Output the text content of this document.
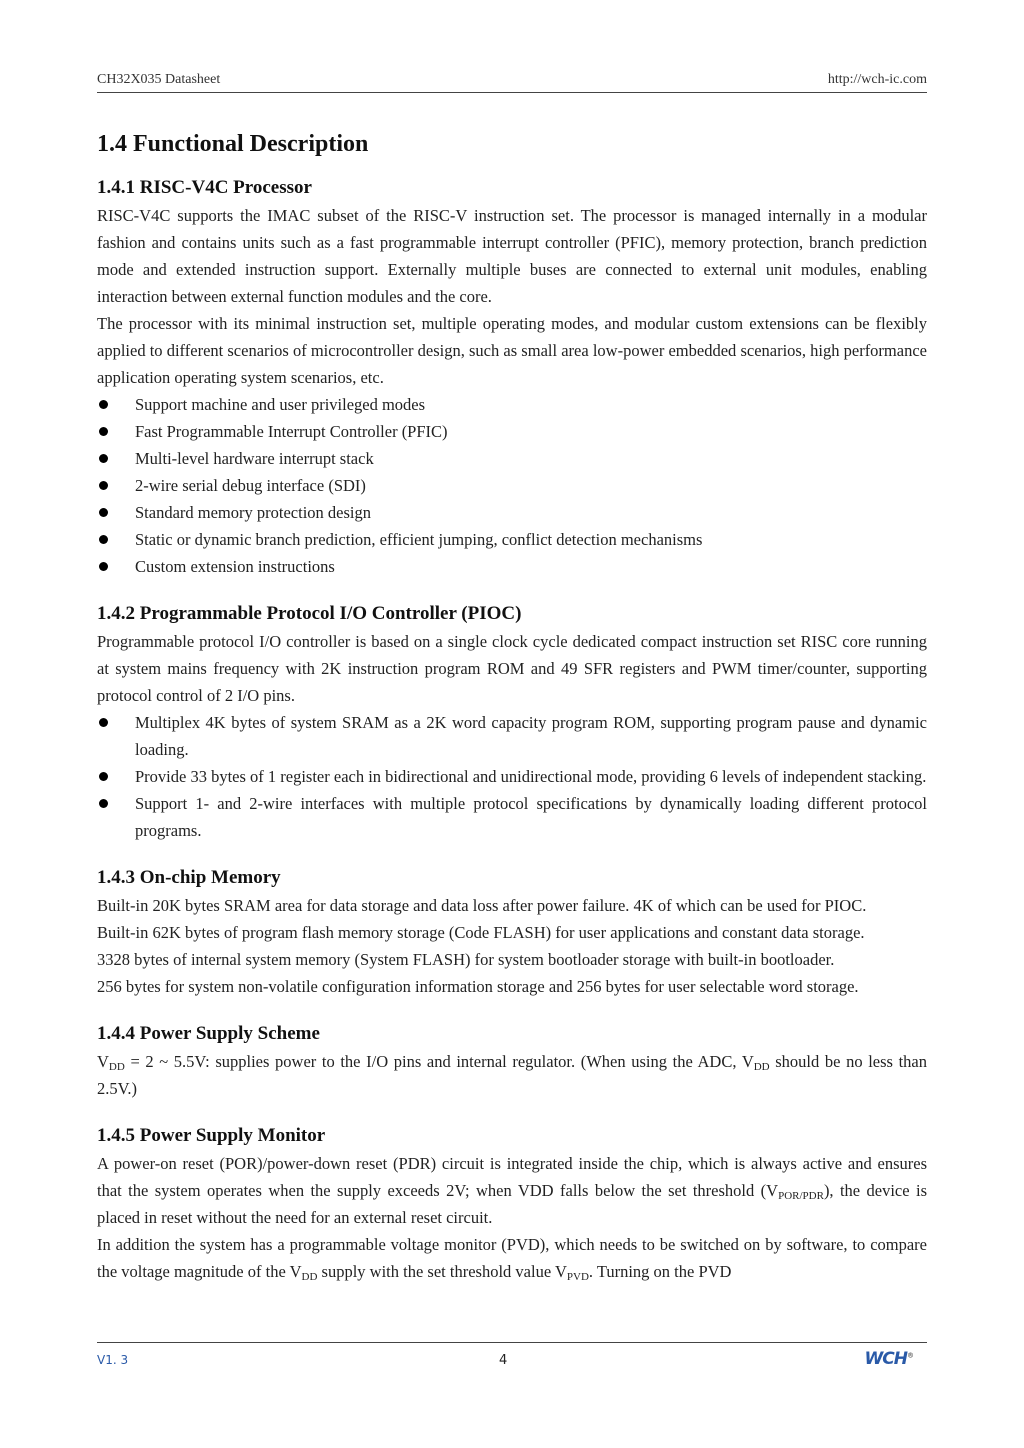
CH32X035 Datasheet	http://wch-ic.com
1.4 Functional Description
1.4.1 RISC-V4C Processor

RISC-V4C supports the IMAC subset of the RISC-V instruction set. The processor is managed internally in a modular fashion and contains units such as a fast programmable interrupt controller (PFIC), memory protection, branch prediction mode and extended instruction support. Externally multiple buses are connected to external unit modules, enabling interaction between external function modules and the core.

The processor with its minimal instruction set, multiple operating modes, and modular custom extensions can be flexibly applied to different scenarios of microcontroller design, such as small area low-power embedded scenarios, high performance application operating system scenarios, etc.

Support machine and user privileged modes
Fast Programmable Interrupt Controller (PFIC)
Multi-level hardware interrupt stack
2-wire serial debug interface (SDI)
Standard memory protection design
Static or dynamic branch prediction, efficient jumping, conflict detection mechanisms
Custom extension instructions
1.4.2 Programmable Protocol I/O Controller (PIOC)

Programmable protocol I/O controller is based on a single clock cycle dedicated compact instruction set RISC core running at system mains frequency with 2K instruction program ROM and 49 SFR registers and PWM timer/counter, supporting protocol control of 2 I/O pins.

Multiplex 4K bytes of system SRAM as a 2K word capacity program ROM, supporting program pause and dynamic loading.
Provide 33 bytes of 1 register each in bidirectional and unidirectional mode, providing 6 levels of independent stacking.
Support 1- and 2-wire interfaces with multiple protocol specifications by dynamically loading different protocol programs.
1.4.3 On-chip Memory

Built-in 20K bytes SRAM area for data storage and data loss after power failure. 4K of which can be used for PIOC.

Built-in 62K bytes of program flash memory storage (Code FLASH) for user applications and constant data storage.

3328 bytes of internal system memory (System FLASH) for system bootloader storage with built-in bootloader.

256 bytes for system non-volatile configuration information storage and 256 bytes for user selectable word storage.

1.4.4 Power Supply Scheme

$V_{DD} = 2$ ~ 5.5V: supplies power to the I/O pins and internal regulator. (When using the ADC, $V_{DD}$ should be no less than 2.5V.)

1.4.5 Power Supply Monitor

A power-on reset (POR)/power-down reset (PDR) circuit is integrated inside the chip, which is always active and ensures that the system operates when the supply exceeds 2V; when VDD falls below the set threshold $(V_{POR/PDR})$, the device is placed in reset without the need for an external reset circuit.

In addition the system has a programmable voltage monitor (PVD), which needs to be switched on by software, to compare the voltage magnitude of the $V_{DD}$ supply with the set threshold value $V_{PVD}$. Turning on the PVD

V1. 3	4	WCH®
